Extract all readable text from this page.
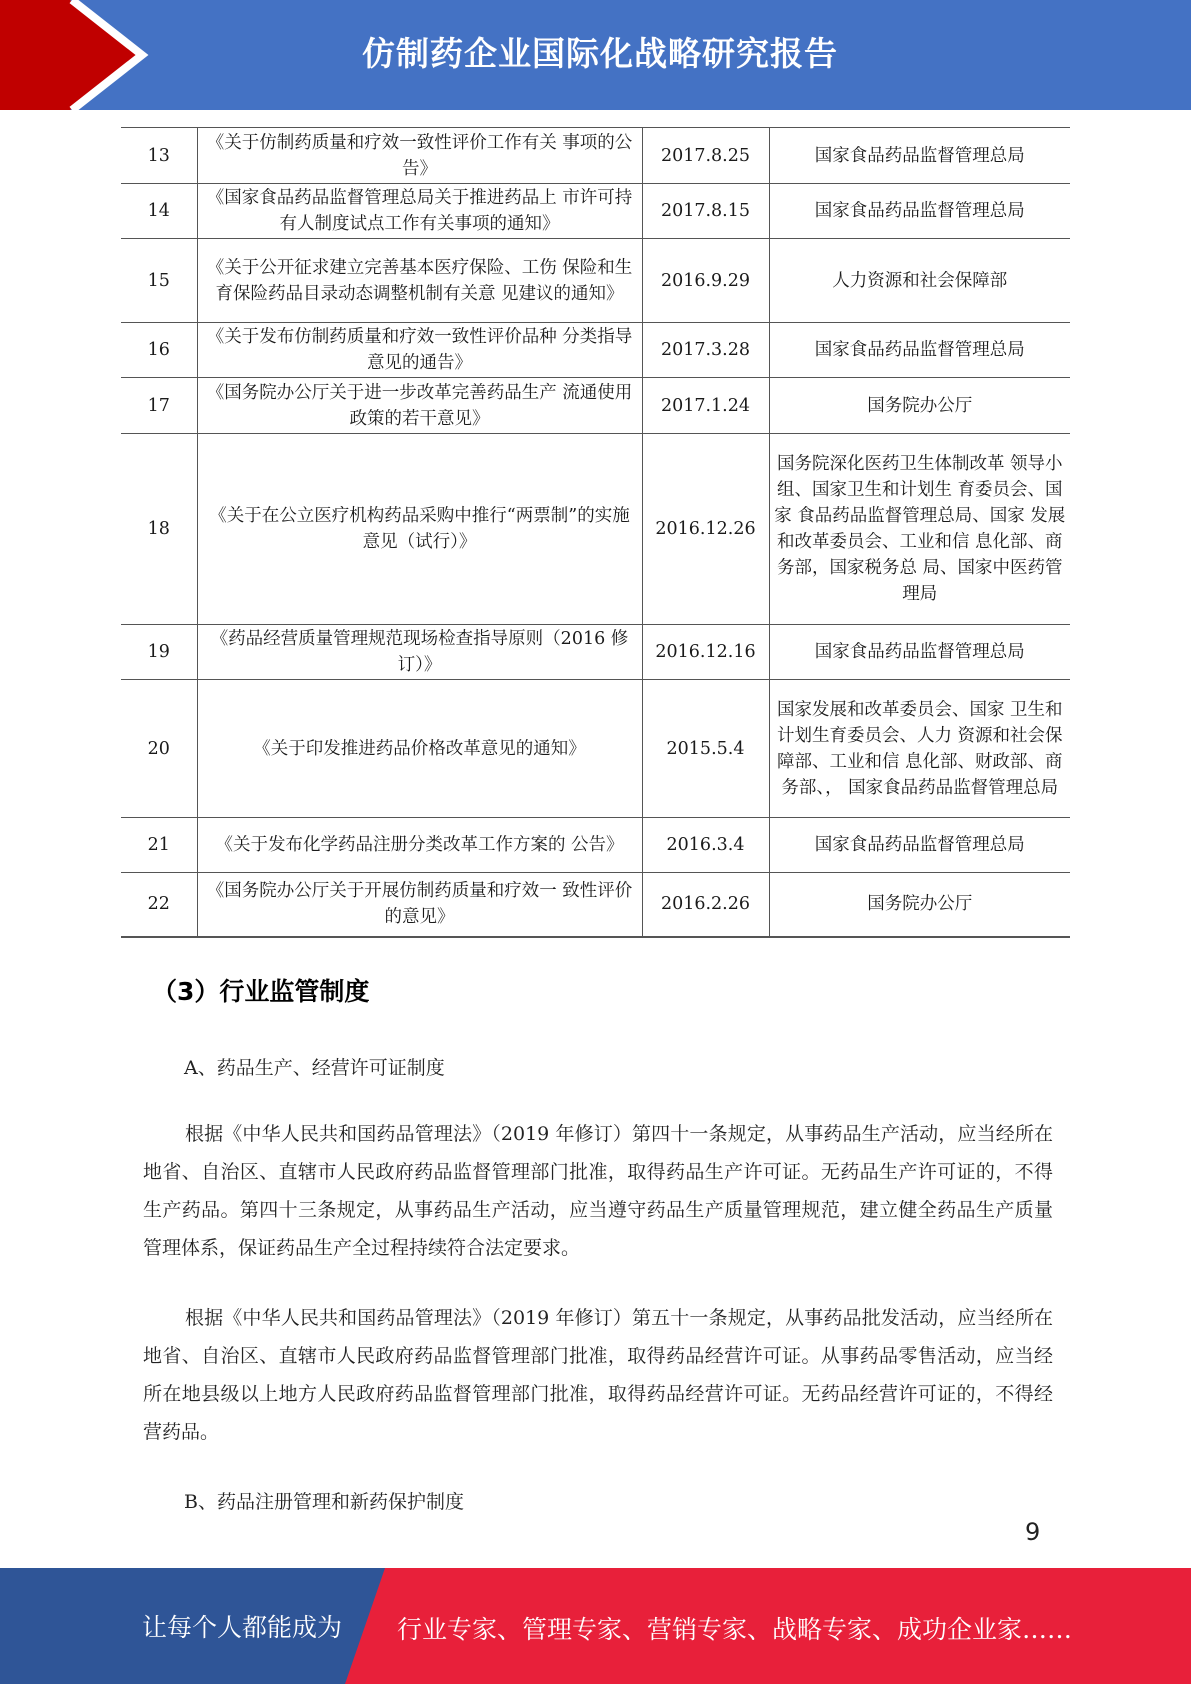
仿制药企业国际化战略研究报告
13	《关于仿制药质量和疗效一致性评价工作有关 事项的公告》	2017.8.25	国家食品药品监督管理总局
14	《国家食品药品监督管理总局关于推进药品上 市许可持有人制度试点工作有关事项的通知》	2017.8.15	国家食品药品监督管理总局
15	《关于公开征求建立完善基本医疗保险、工伤 保险和生育保险药品目录动态调整机制有关意 见建议的通知》	2016.9.29	人力资源和社会保障部
16	《关于发布仿制药质量和疗效一致性评价品种 分类指导意见的通告》	2017.3.28	国家食品药品监督管理总局
17	《国务院办公厅关于进一步改革完善药品生产 流通使用政策的若干意见》	2017.1.24	国务院办公厅
18	《关于在公立医疗机构药品采购中推行“两票制”的实施意见（试行）》	2016.12.26	国务院深化医药卫生体制改革 领导小组、国家卫生和计划生 育委员会、国家 食品药品监督管理总局、国家 发展和改革委员会、工业和信 息化部、商务部，国家税务总 局、国家中医药管理局
19	《药品经营质量管理规范现场检查指导原则（2016 修订）》	2016.12.16	国家食品药品监督管理总局
20	《关于印发推进药品价格改革意见的通知》	2015.5.4	国家发展和改革委员会、国家 卫生和计划生育委员会、人力 资源和社会保障部、工业和信 息化部、财政部、商务部、， 国家食品药品监督管理总局
21	《关于发布化学药品注册分类改革工作方案的 公告》	2016.3.4	国家食品药品监督管理总局
22	《国务院办公厅关于开展仿制药质量和疗效一 致性评价的意见》	2016.2.26	国务院办公厅
（3）行业监管制度
A、药品生产、经营许可证制度
根据《中华人民共和国药品管理法》（2019 年修订）第四十一条规定，从事药品生产活动，应当经所在地省、自治区、直辖市人民政府药品监督管理部门批准，取得药品生产许可证。无药品生产许可证的，不得生产药品。第四十三条规定，从事药品生产活动，应当遵守药品生产质量管理规范，建立健全药品生产质量管理体系，保证药品生产全过程持续符合法定要求。
根据《中华人民共和国药品管理法》（2019 年修订）第五十一条规定，从事药品批发活动，应当经所在地省、自治区、直辖市人民政府药品监督管理部门批准，取得药品经营许可证。从事药品零售活动，应当经所在地县级以上地方人民政府药品监督管理部门批准，取得药品经营许可证。无药品经营许可证的，不得经营药品。
B、药品注册管理和新药保护制度
9
让每个人都能成为 行业专家、管理专家、营销专家、战略专家、成功企业家……
